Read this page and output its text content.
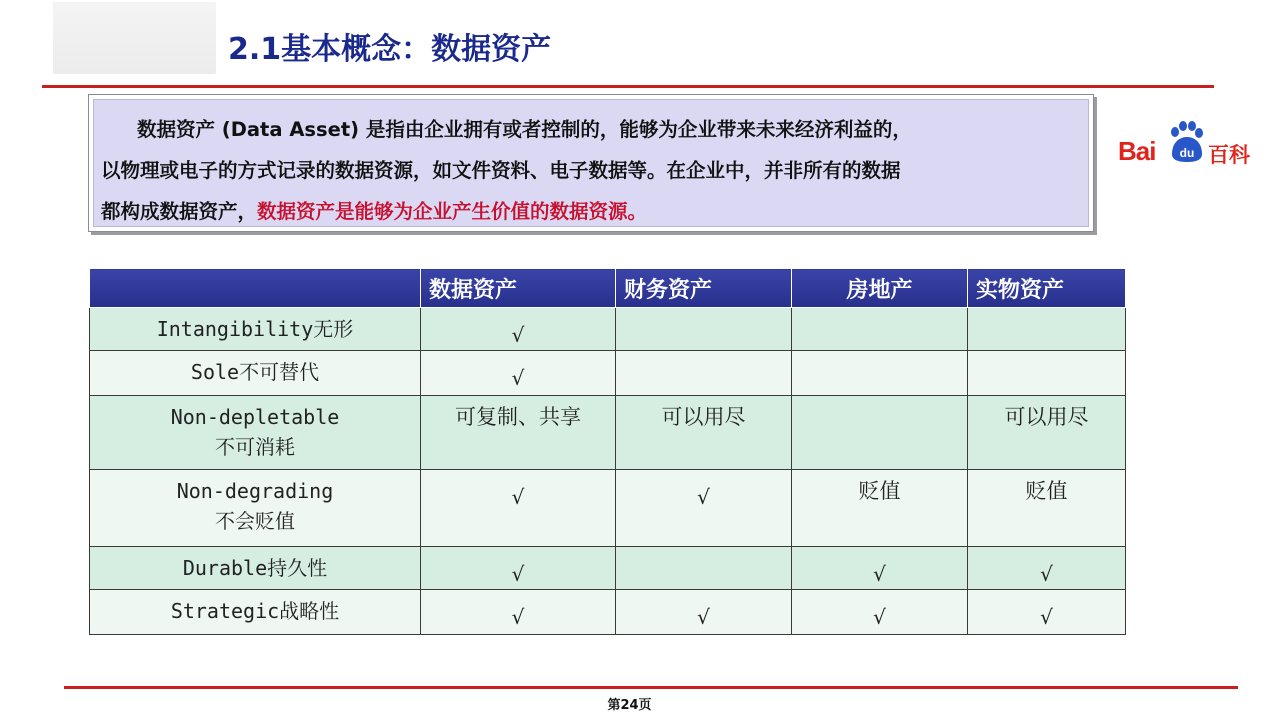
2.1基本概念：数据资产
数据资产 (Data Asset) 是指由企业拥有或者控制的，能够为企业带来未来经济利益的，
以物理或电子的方式记录的数据资源，如文件资料、电子数据等。在企业中，并非所有的数据
都构成数据资产，数据资产是能够为企业产生价值的数据资源。
Bai du 百科
	数据资产	财务资产	房地产	实物资产
Intangibility无形	√			
Sole不可替代	√			
Non-depletable 不可消耗	可复制、共享	可以用尽		可以用尽
Non-degrading 不会贬值	√	√	贬值	贬值
Durable持久性	√		√	√
Strategic战略性	√	√	√	√
第24页
